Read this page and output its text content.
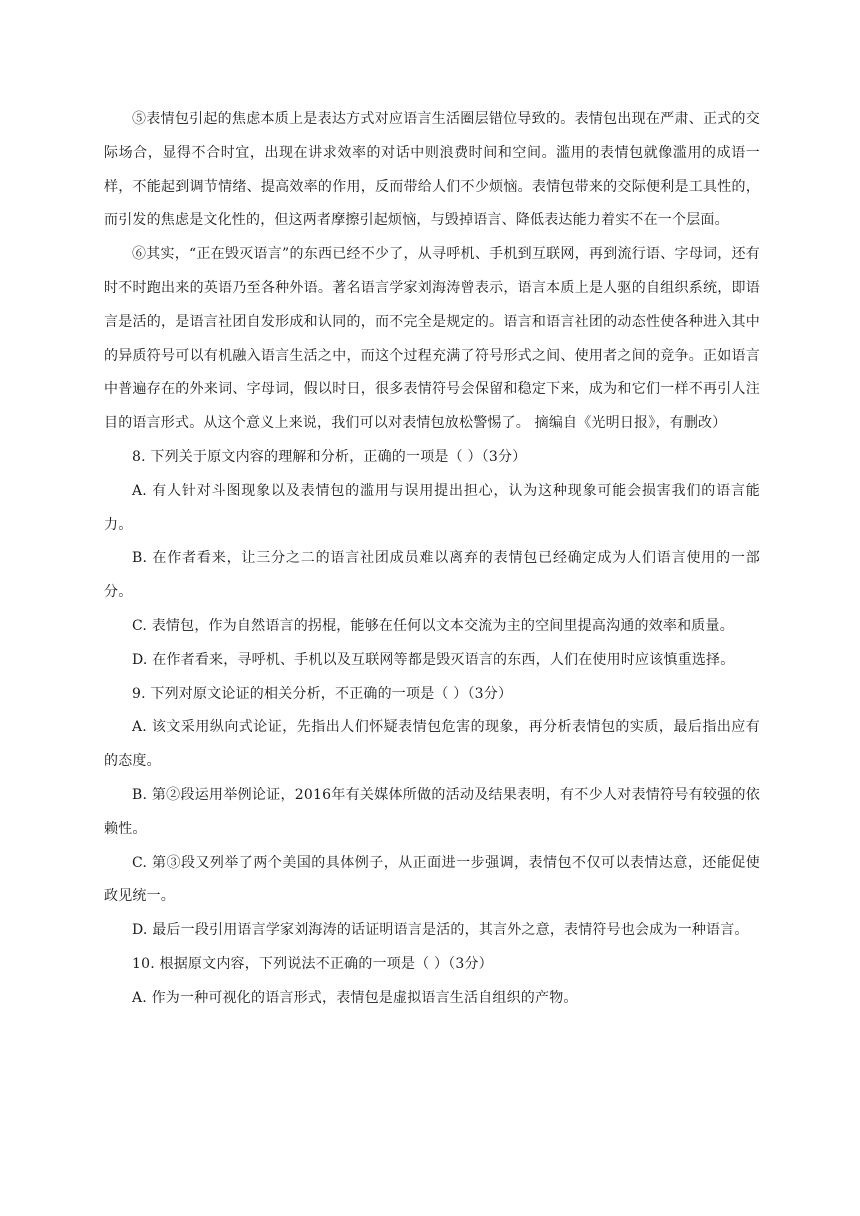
⑤表情包引起的焦虑本质上是表达方式对应语言生活圈层错位导致的。表情包出现在严肃、正式的交际场合，显得不合时宜，出现在讲求效率的对话中则浪费时间和空间。滥用的表情包就像滥用的成语一样，不能起到调节情绪、提高效率的作用，反而带给人们不少烦恼。表情包带来的交际便利是工具性的，而引发的焦虑是文化性的，但这两者摩擦引起烦恼，与毁掉语言、降低表达能力着实不在一个层面。

⑥其实，“正在毁灭语言”的东西已经不少了，从寻呼机、手机到互联网，再到流行语、字母词，还有时不时跑出来的英语乃至各种外语。著名语言学家刘海涛曾表示，语言本质上是人驱的自组织系统，即语言是活的，是语言社团自发形成和认同的，而不完全是规定的。语言和语言社团的动态性使各种进入其中的异质符号可以有机融入语言生活之中，而这个过程充满了符号形式之间、使用者之间的竞争。正如语言中普遍存在的外来词、字母词，假以时日，很多表情符号会保留和稳定下来，成为和它们一样不再引人注目的语言形式。从这个意义上来说，我们可以对表情包放松警惕了。 摘编自《光明日报》，有删改）

8. 下列关于原文内容的理解和分析，正确的一项是（ ）（3分）

A. 有人针对斗图现象以及表情包的滥用与误用提出担心，认为这种现象可能会损害我们的语言能力。

B. 在作者看来，让三分之二的语言社团成员难以离弃的表情包已经确定成为人们语言使用的一部分。

C. 表情包，作为自然语言的拐棍，能够在任何以文本交流为主的空间里提高沟通的效率和质量。

D. 在作者看来，寻呼机、手机以及互联网等都是毁灭语言的东西，人们在使用时应该慎重选择。

9. 下列对原文论证的相关分析，不正确的一项是（ ）（3分）

A. 该文采用纵向式论证，先指出人们怀疑表情包危害的现象，再分析表情包的实质，最后指出应有的态度。

B. 第②段运用举例论证，2016年有关媒体所做的活动及结果表明，有不少人对表情符号有较强的依赖性。

C. 第③段又列举了两个美国的具体例子，从正面进一步强调，表情包不仅可以表情达意，还能促使政见统一。

D. 最后一段引用语言学家刘海涛的话证明语言是活的，其言外之意，表情符号也会成为一种语言。

10. 根据原文内容，下列说法不正确的一项是（ ）（3分）

A. 作为一种可视化的语言形式，表情包是虚拟语言生活自组织的产物。
